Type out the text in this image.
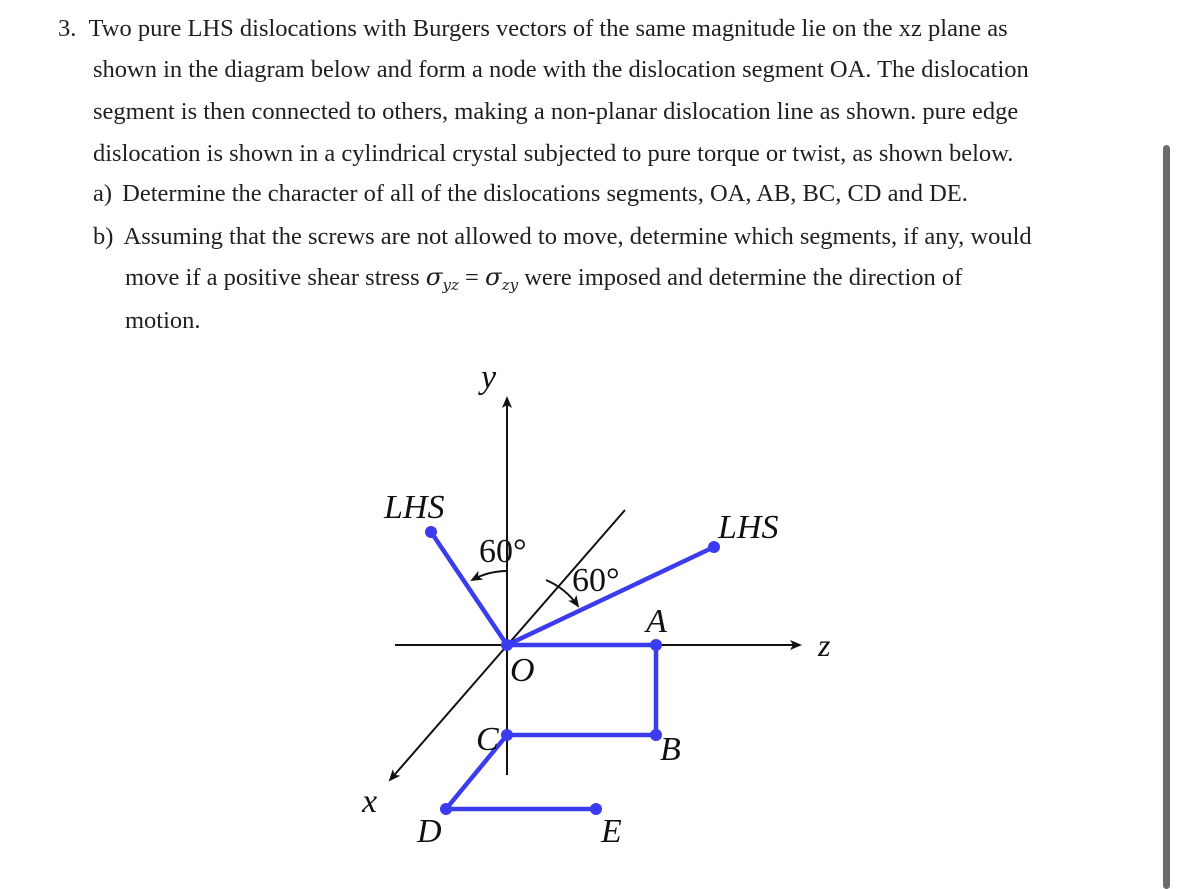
3. Two pure LHS dislocations with Burgers vectors of the same magnitude lie on the xz plane as
shown in the diagram below and form a node with the dislocation segment OA. The dislocation
segment is then connected to others, making a non-planar dislocation line as shown. pure edge
dislocation is shown in a cylindrical crystal subjected to pure torque or twist, as shown below.
a) Determine the character of all of the dislocations segments, OA, AB, BC, CD and DE.
b) Assuming that the screws are not allowed to move, determine which segments, if any, would
move if a positive shear stress $\sigma_{yz} = \sigma_{zy}$ were imposed and determine the direction of
motion.
y
z
x
LHS
LHS
60°
60°
O
A
B
C
D	E
